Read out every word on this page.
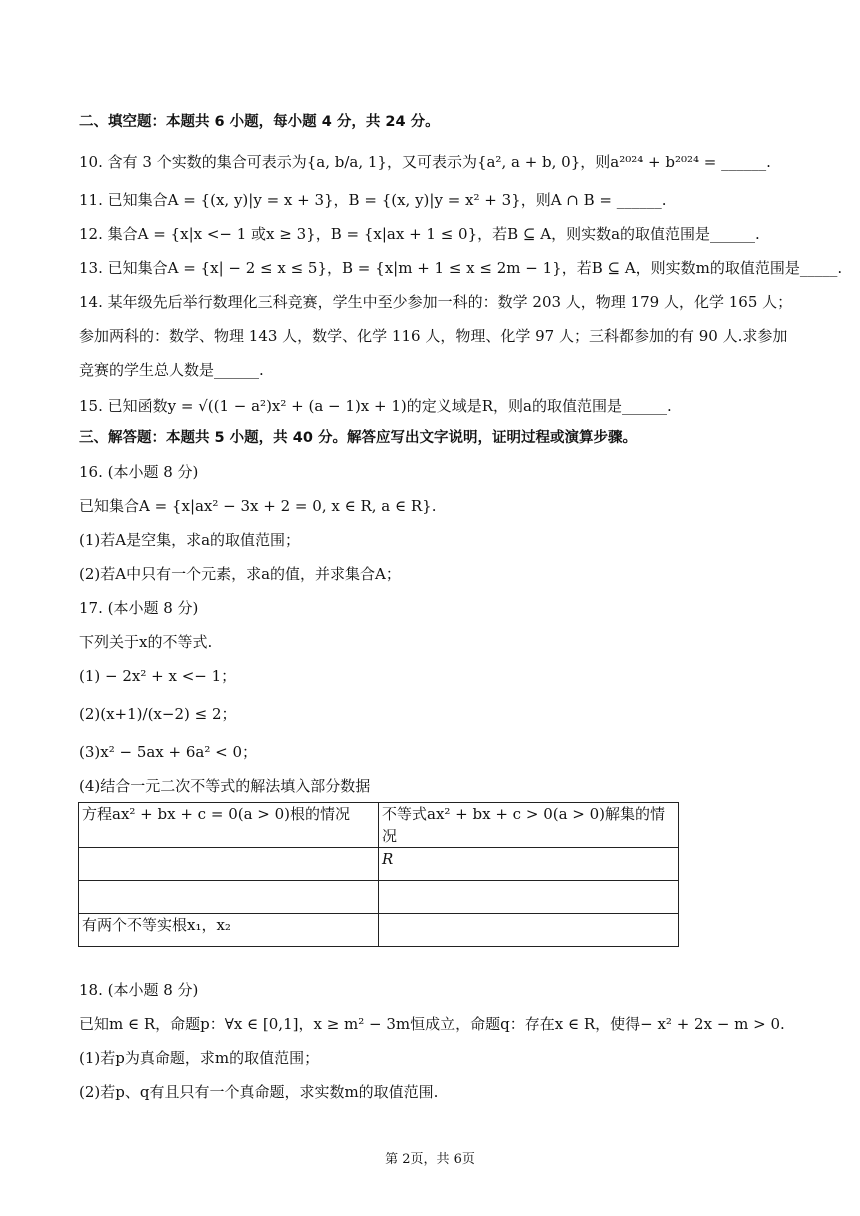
二、填空题：本题共 6 小题，每小题 4 分，共 24 分。
10. 含有 3 个实数的集合可表示为{a, b/a, 1}，又可表示为{a², a + b, 0}，则a²⁰²⁴ + b²⁰²⁴ = ______.
11. 已知集合A = {(x, y)|y = x + 3}，B = {(x, y)|y = x² + 3}，则A ∩ B = ______.
12. 集合A = {x|x <− 1 或x ≥ 3}，B = {x|ax + 1 ≤ 0}，若B ⊆ A，则实数a的取值范围是______.
13. 已知集合A = {x| − 2 ≤ x ≤ 5}，B = {x|m + 1 ≤ x ≤ 2m − 1}，若B ⊆ A，则实数m的取值范围是_____.
14. 某年级先后举行数理化三科竞赛，学生中至少参加一科的：数学 203 人，物理 179 人，化学 165 人；
参加两科的：数学、物理 143 人，数学、化学 116 人，物理、化学 97 人；三科都参加的有 90 人.求参加
竞赛的学生总人数是______.
15. 已知函数y = √((1 − a²)x² + (a − 1)x + 1)的定义域是R，则a的取值范围是______.
三、解答题：本题共 5 小题，共 40 分。解答应写出文字说明，证明过程或演算步骤。
16. (本小题 8 分)
已知集合A = {x|ax² − 3x + 2 = 0, x ∈ R, a ∈ R}.
(1)若A是空集，求a的取值范围；
(2)若A中只有一个元素，求a的值，并求集合A；
17. (本小题 8 分)
下列关于x的不等式.
(1) − 2x² + x <− 1；
(2)(x+1)/(x−2) ≤ 2；
(3)x² − 5ax + 6a² < 0；
(4)结合一元二次不等式的解法填入部分数据
方程ax² + bx + c = 0(a > 0)根的情况	不等式ax² + bx + c > 0(a > 0)解集的情况
	R

有两个不等实根x₁，x₂	
18. (本小题 8 分)
已知m ∈ R，命题p：∀x ∈ [0,1]，x ≥ m² − 3m恒成立，命题q：存在x ∈ R，使得− x² + 2x − m > 0.
(1)若p为真命题，求m的取值范围；
(2)若p、q有且只有一个真命题，求实数m的取值范围.
第 2页，共 6页
